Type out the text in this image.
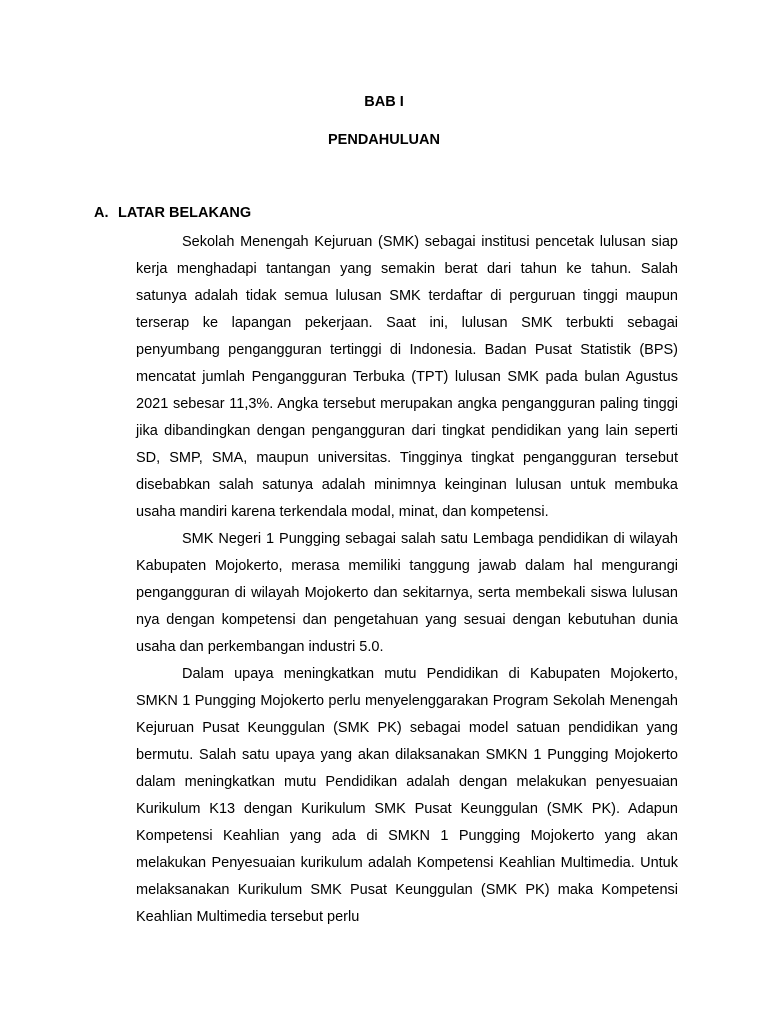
BAB I
PENDAHULUAN
A. LATAR BELAKANG

Sekolah Menengah Kejuruan (SMK) sebagai institusi pencetak lulusan siap kerja menghadapi tantangan yang semakin berat dari tahun ke tahun. Salah satunya adalah tidak semua lulusan SMK terdaftar di perguruan tinggi maupun terserap ke lapangan pekerjaan. Saat ini, lulusan SMK terbukti sebagai penyumbang pengangguran tertinggi di Indonesia. Badan Pusat Statistik (BPS) mencatat jumlah Pengangguran Terbuka (TPT) lulusan SMK pada bulan Agustus 2021 sebesar 11,3%. Angka tersebut merupakan angka pengangguran paling tinggi jika dibandingkan dengan pengangguran dari tingkat pendidikan yang lain seperti SD, SMP, SMA, maupun universitas. Tingginya tingkat pengangguran tersebut disebabkan salah satunya adalah minimnya keinginan lulusan untuk membuka usaha mandiri karena terkendala modal, minat, dan kompetensi.

SMK Negeri 1 Pungging sebagai salah satu Lembaga pendidikan di wilayah Kabupaten Mojokerto, merasa memiliki tanggung jawab dalam hal mengurangi pengangguran di wilayah Mojokerto dan sekitarnya, serta membekali siswa lulusan nya dengan kompetensi dan pengetahuan yang sesuai dengan kebutuhan dunia usaha dan perkembangan industri 5.0.

Dalam upaya meningkatkan mutu Pendidikan di Kabupaten Mojokerto, SMKN 1 Pungging Mojokerto perlu menyelenggarakan Program Sekolah Menengah Kejuruan Pusat Keunggulan (SMK PK) sebagai model satuan pendidikan yang bermutu. Salah satu upaya yang akan dilaksanakan SMKN 1 Pungging Mojokerto dalam meningkatkan mutu Pendidikan adalah dengan melakukan penyesuaian Kurikulum K13 dengan Kurikulum SMK Pusat Keunggulan (SMK PK). Adapun Kompetensi Keahlian yang ada di SMKN 1 Pungging Mojokerto yang akan melakukan Penyesuaian kurikulum adalah Kompetensi Keahlian Multimedia. Untuk melaksanakan Kurikulum SMK Pusat Keunggulan (SMK PK) maka Kompetensi Keahlian Multimedia tersebut perlu
